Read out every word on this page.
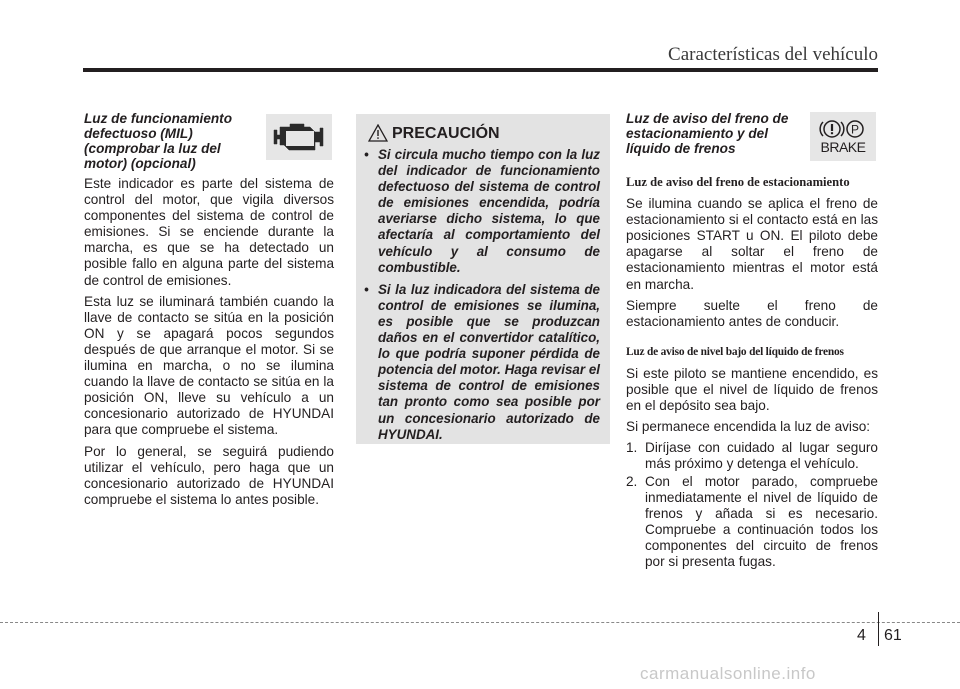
Características del vehículo
Luz de funcionamiento
defectuoso (MIL)
(comprobar la luz del
motor) (opcional)

Este indicador es parte del sistema de control del motor, que vigila diversos componentes del sistema de control de emisiones. Si se enciende durante la marcha, es que se ha detectado un posible fallo en alguna parte del sistema de control de emisiones.

Esta luz se iluminará también cuando la llave de contacto se sitúa en la posición ON y se apagará pocos segundos después de que arranque el motor. Si se ilumina en marcha, o no se ilumina cuando la llave de contacto se sitúa en la posición ON, lleve su vehículo a un concesionario autorizado de HYUNDAI para que compruebe el sistema.

Por lo general, se seguirá pudiendo utilizar el vehículo, pero haga que un concesionario autorizado de HYUNDAI compruebe el sistema lo antes posible.

PRECAUCIÓN
• Si circula mucho tiempo con la luz del indicador de funcionamiento defectuoso del sistema de control de emisiones encendida, podría averiarse dicho sistema, lo que afectaría al comportamiento del vehículo y al consumo de combustible.
• Si la luz indicadora del sistema de control de emisiones se ilumina, es posible que se produzcan daños en el convertidor catalítico, lo que podría suponer pérdida de potencia del motor. Haga revisar el sistema de control de emisiones tan pronto como sea posible por un concesionario autorizado de HYUNDAI.
Luz de aviso del freno de
estacionamiento y del
líquido de frenos
Luz de aviso del freno de estacionamiento

Se ilumina cuando se aplica el freno de estacionamiento si el contacto está en las posiciones START u ON. El piloto debe apagarse al soltar el freno de estacionamiento mientras el motor está en marcha.

Siempre suelte el freno de estacionamiento antes de conducir.

Luz de aviso de nivel bajo del líquido de frenos

Si este piloto se mantiene encendido, es posible que el nivel de líquido de frenos en el depósito sea bajo.

Si permanece encendida la luz de aviso:

1. Diríjase con cuidado al lugar seguro más próximo y detenga el vehículo.
2. Con el motor parado, compruebe inmediatamente el nivel de líquido de frenos y añada si es necesario. Compruebe a continuación todos los componentes del circuito de frenos por si presenta fugas.
P
BRAKE
4 61
carmanualsonline.info
